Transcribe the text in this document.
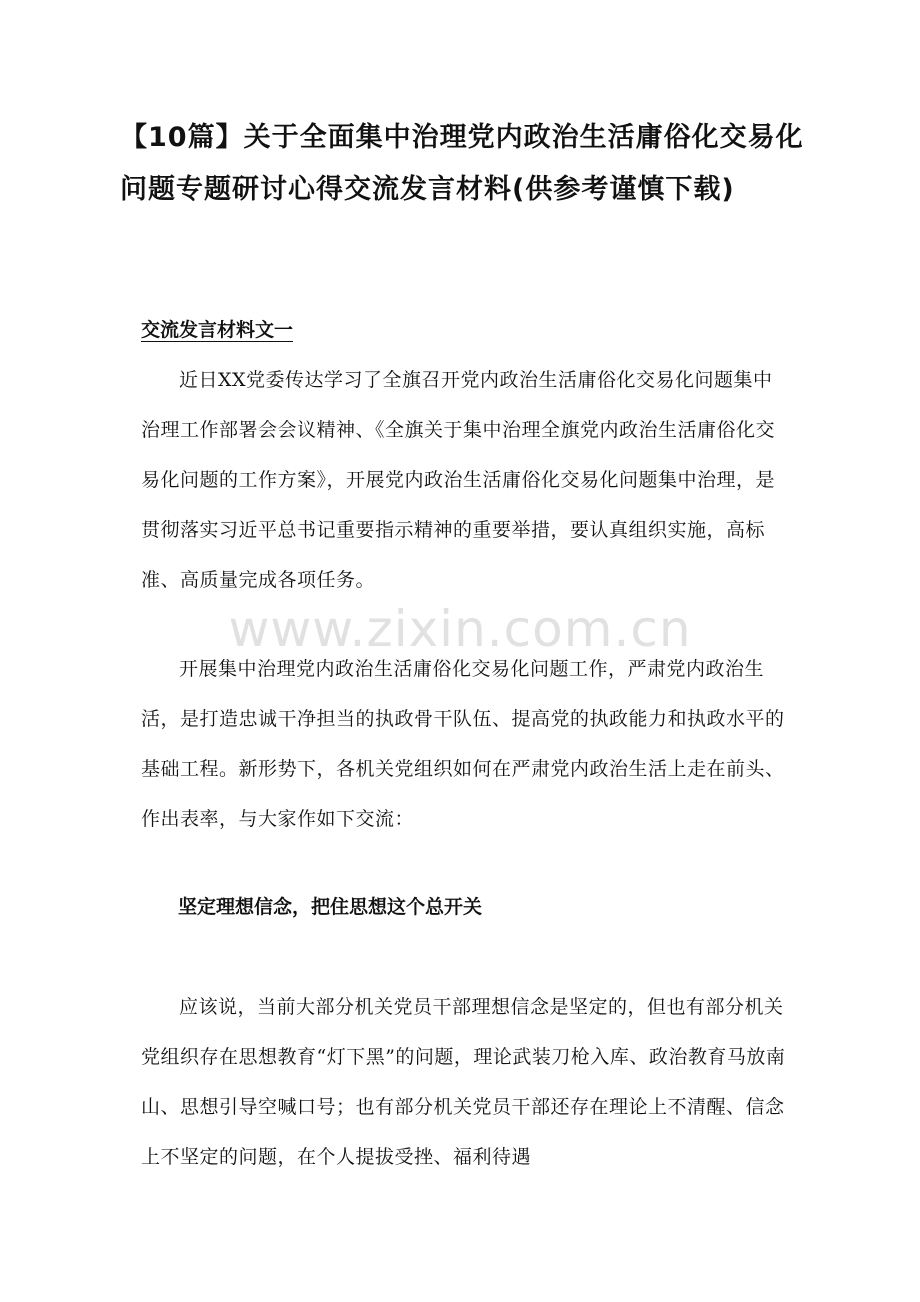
【10篇】关于全面集中治理党内政治生活庸俗化交易化问题专题研讨心得交流发言材料(供参考谨慎下载)
交流发言材料文一

近日XX党委传达学习了全旗召开党内政治生活庸俗化交易化问题集中治理工作部署会会议精神、《全旗关于集中治理全旗党内政治生活庸俗化交易化问题的工作方案》，开展党内政治生活庸俗化交易化问题集中治理，是贯彻落实习近平总书记重要指示精神的重要举措，要认真组织实施，高标准、高质量完成各项任务。

开展集中治理党内政治生活庸俗化交易化问题工作，严肃党内政治生活，是打造忠诚干净担当的执政骨干队伍、提高党的执政能力和执政水平的基础工程。新形势下，各机关党组织如何在严肃党内政治生活上走在前头、作出表率，与大家作如下交流：

坚定理想信念，把住思想这个总开关

应该说，当前大部分机关党员干部理想信念是坚定的，但也有部分机关党组织存在思想教育“灯下黑”的问题，理论武装刀枪入库、政治教育马放南山、思想引导空喊口号；也有部分机关党员干部还存在理论上不清醒、信念上不坚定的问题，在个人提拔受挫、福利待遇

www.zixin.com.cn
